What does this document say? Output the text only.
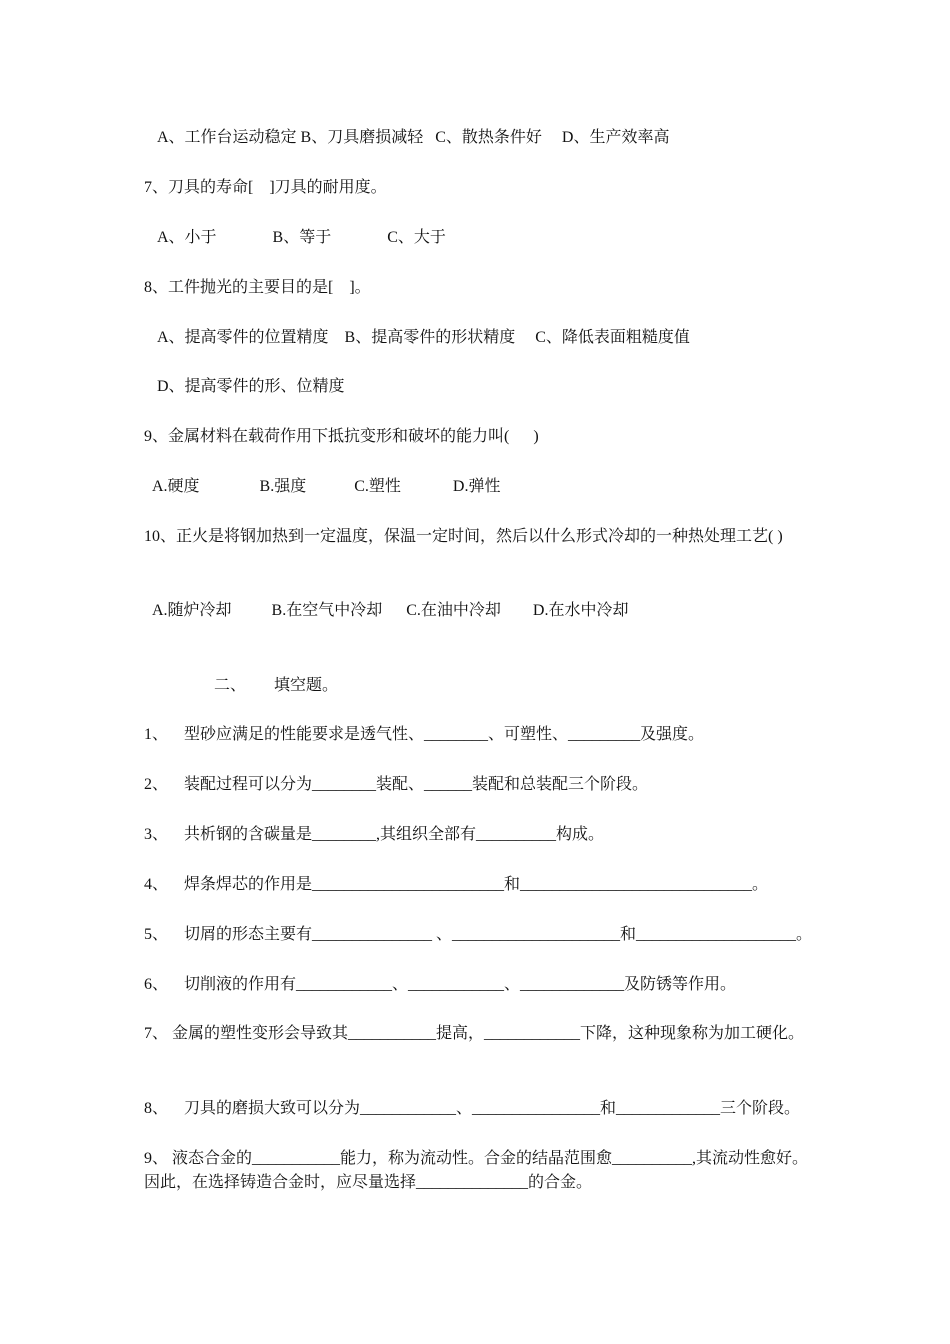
A、工作台运动稳定 B、刀具磨损减轻   C、散热条件好     D、生产效率高
7、刀具的寿命[    ]刀具的耐用度。
A、小于              B、等于              C、大于
8、工件抛光的主要目的是[    ]。
A、提高零件的位置精度    B、提高零件的形状精度     C、降低表面粗糙度值
D、提高零件的形、位精度
9、金属材料在载荷作用下抵抗变形和破坏的能力叫(      )
A.硬度               B.强度            C.塑性             D.弹性
10、正火是将钢加热到一定温度，保温一定时间，然后以什么形式冷却的一种热处理工艺( )
A.随炉冷却          B.在空气中冷却      C.在油中冷却        D.在水中冷却
二、       填空题。
1、    型砂应满足的性能要求是透气性、________、可塑性、_________及强度。
2、    装配过程可以分为________装配、______装配和总装配三个阶段。
3、    共析钢的含碳量是________,其组织全部有__________构成。
4、    焊条焊芯的作用是________________________和_____________________________。
5、    切屑的形态主要有_______________ 、_____________________和____________________。
6、    切削液的作用有____________、____________、_____________及防锈等作用。
7、 金属的塑性变形会导致其___________提高，____________下降，这种现象称为加工硬化。
8、    刀具的磨损大致可以分为____________、________________和_____________三个阶段。
9、 液态合金的___________能力，称为流动性。合金的结晶范围愈__________,其流动性愈好。因此，在选择铸造合金时，应尽量选择______________的合金。
